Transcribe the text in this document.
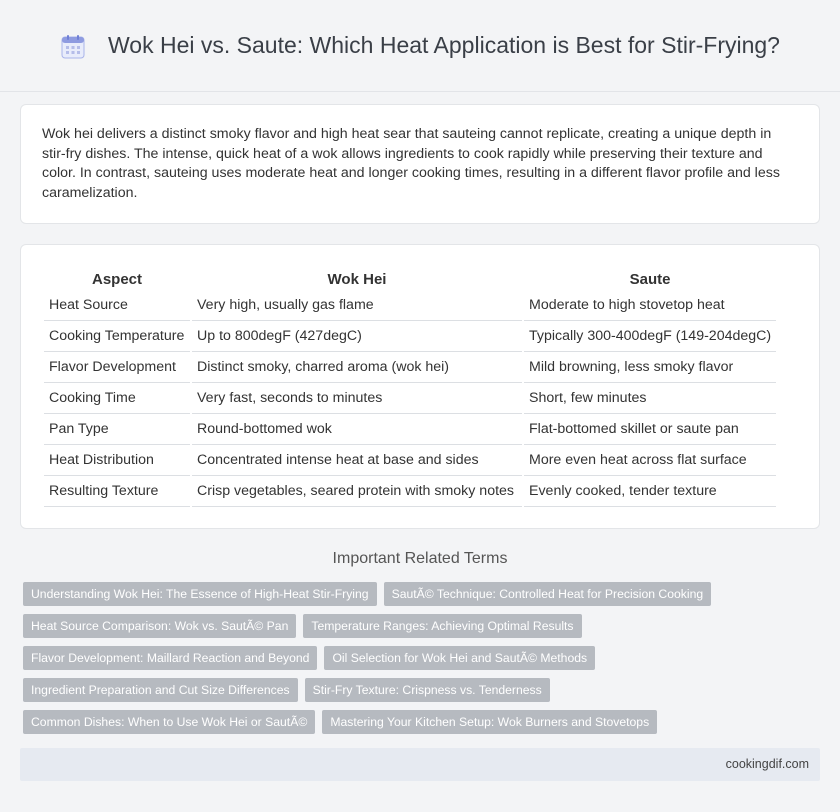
Wok Hei vs. Saute: Which Heat Application is Best for Stir-Frying?

Wok hei delivers a distinct smoky flavor and high heat sear that sauteing cannot replicate, creating a unique depth in stir-fry dishes. The intense, quick heat of a wok allows ingredients to cook rapidly while preserving their texture and color. In contrast, sauteing uses moderate heat and longer cooking times, resulting in a different flavor profile and less caramelization.

Aspect	Wok Hei	Saute
Heat Source	Very high, usually gas flame	Moderate to high stovetop heat
Cooking Temperature	Up to 800degF (427degC)	Typically 300-400degF (149-204degC)
Flavor Development	Distinct smoky, charred aroma (wok hei)	Mild browning, less smoky flavor
Cooking Time	Very fast, seconds to minutes	Short, few minutes
Pan Type	Round-bottomed wok	Flat-bottomed skillet or saute pan
Heat Distribution	Concentrated intense heat at base and sides	More even heat across flat surface
Resulting Texture	Crisp vegetables, seared protein with smoky notes	Evenly cooked, tender texture
Important Related Terms
Understanding Wok Hei: The Essence of High-Heat Stir-Frying	SautÃ© Technique: Controlled Heat for Precision Cooking
Heat Source Comparison: Wok vs. SautÃ© Pan	Temperature Ranges: Achieving Optimal Results
Flavor Development: Maillard Reaction and Beyond	Oil Selection for Wok Hei and SautÃ© Methods
Ingredient Preparation and Cut Size Differences	Stir-Fry Texture: Crispness vs. Tenderness
Common Dishes: When to Use Wok Hei or SautÃ©	Mastering Your Kitchen Setup: Wok Burners and Stovetops
cookingdif.com
